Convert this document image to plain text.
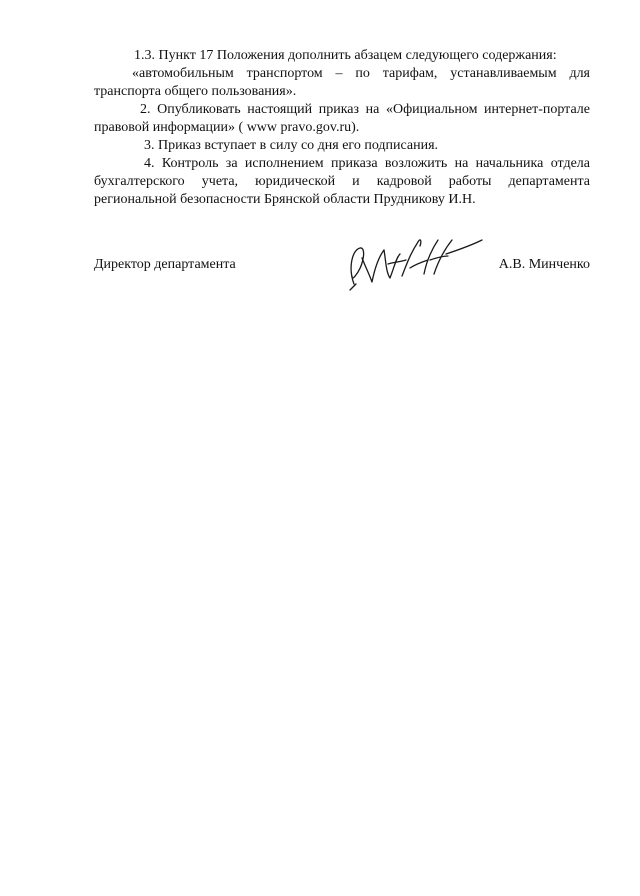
1.3. Пункт 17 Положения дополнить абзацем следующего содержания:

«автомобильным транспортом – по тарифам, устанавливаемым для транспорта общего пользования».

2. Опубликовать настоящий приказ на «Официальном интернет-портале правовой информации» ( www pravo.gov.ru).

3. Приказ вступает в силу со дня его подписания.

4. Контроль за исполнением приказа возложить на начальника отдела бухгалтерского учета, юридической и кадровой работы департамента региональной безопасности Брянской области Прудникову И.Н.

Директор департамента	А.В. Минченко
